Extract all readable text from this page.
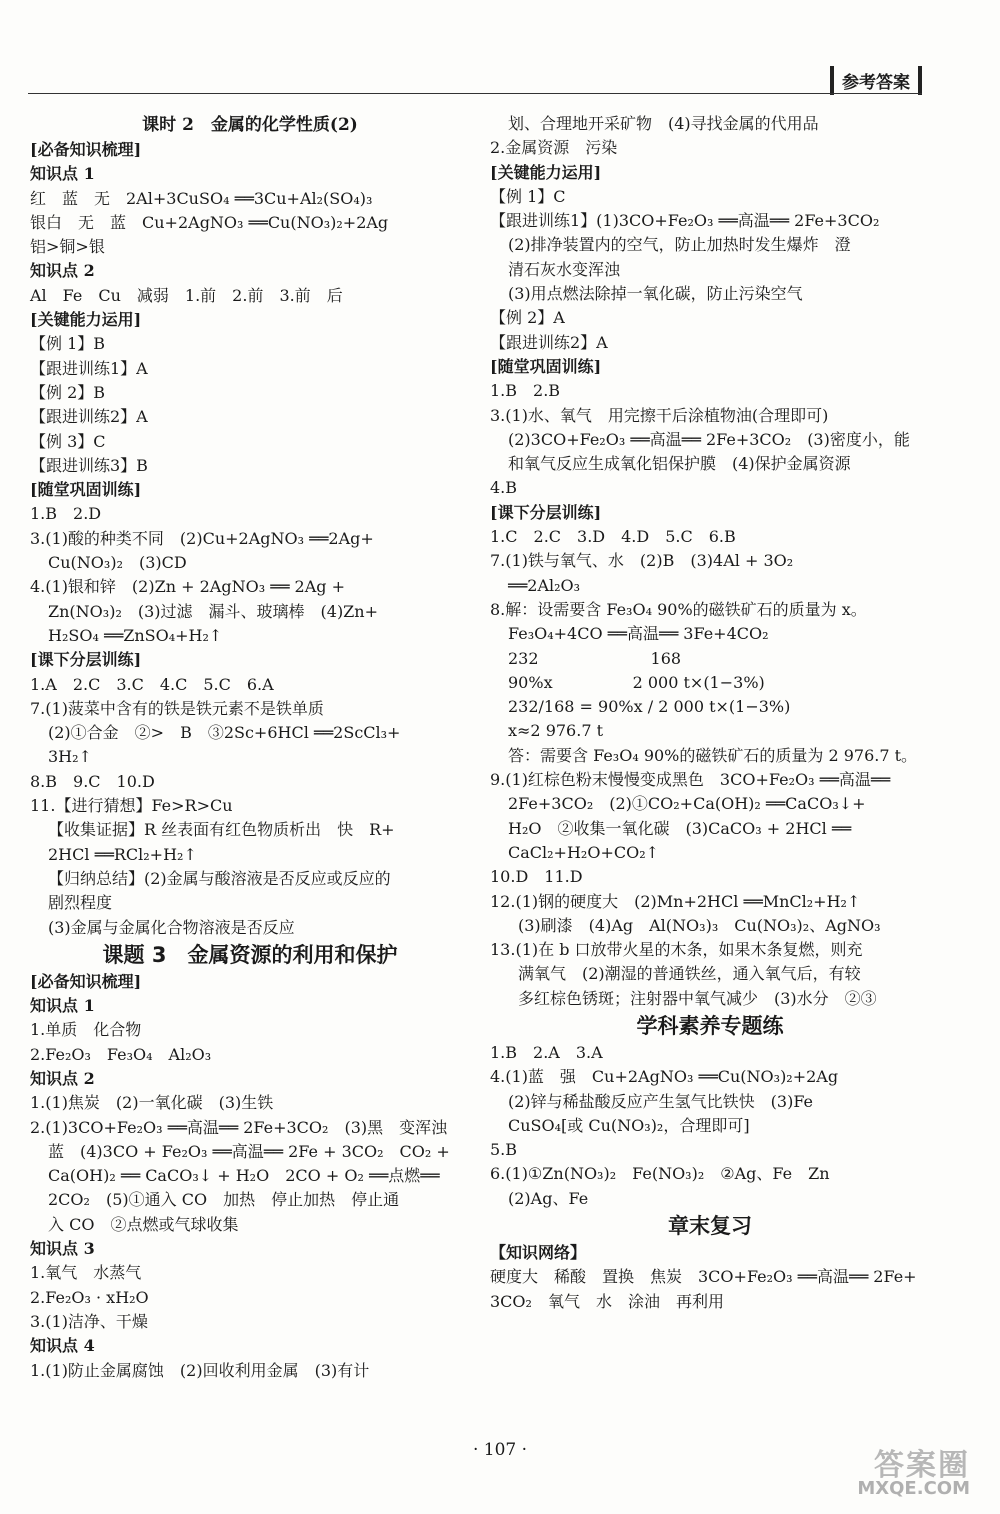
参考答案
课时 2　金属的化学性质(2)
[必备知识梳理]
知识点 1
红　蓝　无　2Al+3CuSO₄ ══3Cu+Al₂(SO₄)₃
银白　无　蓝　Cu+2AgNO₃ ══Cu(NO₃)₂+2Ag
铝>铜>银
知识点 2
Al　Fe　Cu　减弱　1.前　2.前　3.前　后
[关键能力运用]
【例 1】B
【跟进训练1】A
【例 2】B
【跟进训练2】A
【例 3】C
【跟进训练3】B
[随堂巩固训练]
1.B　2.D
3.(1)酸的种类不同　(2)Cu+2AgNO₃ ══2Ag+
Cu(NO₃)₂　(3)CD
4.(1)银和锌　(2)Zn + 2AgNO₃ ══ 2Ag +
Zn(NO₃)₂　(3)过滤　漏斗、玻璃棒　(4)Zn+
H₂SO₄ ══ZnSO₄+H₂↑
[课下分层训练]
1.A　2.C　3.C　4.C　5.C　6.A
7.(1)菠菜中含有的铁是铁元素不是铁单质
(2)①合金　②>　B　③2Sc+6HCl ══2ScCl₃+
3H₂↑
8.B　9.C　10.D
11.【进行猜想】Fe>R>Cu
【收集证据】R 丝表面有红色物质析出　快　R+
2HCl ══RCl₂+H₂↑
【归纳总结】(2)金属与酸溶液是否反应或反应的
剧烈程度
(3)金属与金属化合物溶液是否反应
课题 3　金属资源的利用和保护
[必备知识梳理]
知识点 1
1.单质　化合物
2.Fe₂O₃　Fe₃O₄　Al₂O₃
知识点 2
1.(1)焦炭　(2)一氧化碳　(3)生铁
2.(1)3CO+Fe₂O₃ ══高温══ 2Fe+3CO₂　(3)黑　变浑浊
蓝　(4)3CO + Fe₂O₃ ══高温══ 2Fe + 3CO₂　CO₂ +
Ca(OH)₂ ══ CaCO₃↓ + H₂O　2CO + O₂ ══点燃══
2CO₂　(5)①通入 CO　加热　停止加热　停止通
入 CO　②点燃或气球收集
知识点 3
1.氧气　水蒸气
2.Fe₂O₃ · xH₂O
3.(1)洁净、干燥
知识点 4
1.(1)防止金属腐蚀　(2)回收利用金属　(3)有计
划、合理地开采矿物　(4)寻找金属的代用品
2.金属资源　污染
[关键能力运用]
【例 1】C
【跟进训练1】(1)3CO+Fe₂O₃ ══高温══ 2Fe+3CO₂
(2)排净装置内的空气，防止加热时发生爆炸　澄
清石灰水变浑浊
(3)用点燃法除掉一氧化碳，防止污染空气
【例 2】A
【跟进训练2】A
[随堂巩固训练]
1.B　2.B
3.(1)水、氧气　用完擦干后涂植物油(合理即可)
(2)3CO+Fe₂O₃ ══高温══ 2Fe+3CO₂　(3)密度小，能
和氧气反应生成氧化铝保护膜　(4)保护金属资源
4.B
[课下分层训练]
1.C　2.C　3.D　4.D　5.C　6.B
7.(1)铁与氧气、水　(2)B　(3)4Al + 3O₂
══2Al₂O₃
8.解：设需要含 Fe₃O₄ 90%的磁铁矿石的质量为 x。
Fe₃O₄+4CO ══高温══ 3Fe+4CO₂
232　　　　　　　168
90%x　　　　　2 000 t×(1−3%)
232/168 = 90%x / 2 000 t×(1−3%)
x≈2 976.7 t
答：需要含 Fe₃O₄ 90%的磁铁矿石的质量为 2 976.7 t。
9.(1)红棕色粉末慢慢变成黑色　3CO+Fe₂O₃ ══高温══
2Fe+3CO₂　(2)①CO₂+Ca(OH)₂ ══CaCO₃↓+
H₂O　②收集一氧化碳　(3)CaCO₃ + 2HCl ══
CaCl₂+H₂O+CO₂↑
10.D　11.D
12.(1)钢的硬度大　(2)Mn+2HCl ══MnCl₂+H₂↑
(3)刷漆　(4)Ag　Al(NO₃)₃　Cu(NO₃)₂、AgNO₃
13.(1)在 b 口放带火星的木条，如果木条复燃，则充
满氧气　(2)潮湿的普通铁丝，通入氧气后，有较
多红棕色锈斑；注射器中氧气减少　(3)水分　②③
学科素养专题练
1.B　2.A　3.A
4.(1)蓝　强　Cu+2AgNO₃ ══Cu(NO₃)₂+2Ag
(2)锌与稀盐酸反应产生氢气比铁快　(3)Fe
CuSO₄[或 Cu(NO₃)₂，合理即可]
5.B
6.(1)①Zn(NO₃)₂　Fe(NO₃)₂　②Ag、Fe　Zn
(2)Ag、Fe
章末复习
【知识网络】
硬度大　稀酸　置换　焦炭　3CO+Fe₂O₃ ══高温══ 2Fe+
3CO₂　氧气　水　涂油　再利用
· 107 ·	答案圈
MXQE.COM
